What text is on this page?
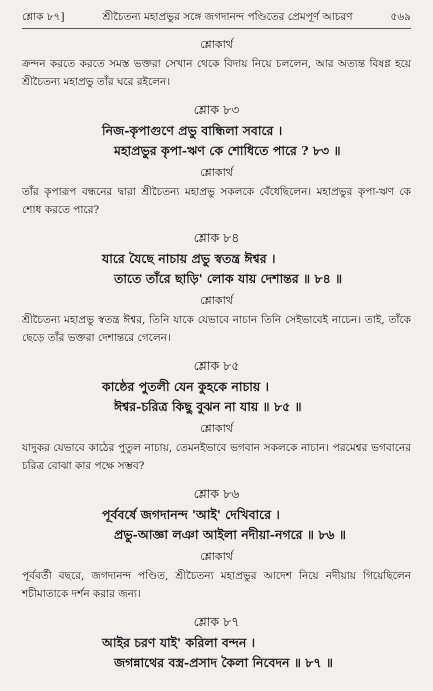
শ্লোক ৮৭]	শ্রীচৈতন্য মহাপ্রভুর সঙ্গে জগদানন্দ পণ্ডিতের প্রেমপূর্ণ আচরণ	৫৬৯
শ্লোকার্থ

ক্রন্দন করতে করতে সমস্ত ভক্তরা সেখান থেকে বিদায় নিয়ে চললেন, আর অত্যন্ত বিষণ্ণ হয়ে শ্রীচৈতন্য মহাপ্রভু তাঁর ঘরে রইলেন।

শ্লোক ৮৩
নিজ-কৃপাগুণে প্রভু বান্ধিলা সবারে ।
মহাপ্রভুর কৃপা-ঋণ কে শোধিতে পারে ? ৮৩ ॥
শ্লোকার্থ

তাঁর কৃপারূপ বন্ধনের দ্বারা শ্রীচৈতন্য মহাপ্রভু সকলকে বেঁধেছিলেন। মহাপ্রভুর কৃপা-ঋণ কে শোধ করতে পারে?

শ্লোক ৮৪
যারে যৈছে নাচায় প্রভু স্বতন্ত্র ঈশ্বর ।
তাতে তাঁরে ছাড়ি' লোক যায় দেশান্তর ॥ ৮৪ ॥
শ্লোকার্থ

শ্রীচৈতন্য মহাপ্রভু স্বতন্ত্র ঈশ্বর, তিনি যাকে যেভাবে নাচান তিনি সেইভাবেই নাচেন। তাই, তাঁকে ছেড়ে তাঁর ভক্তরা দেশান্তরে গেলেন।

শ্লোক ৮৫
কাষ্ঠের পুতলী যেন কুহকে নাচায় ।
ঈশ্বর-চরিত্র কিছু বুঝন না যায় ॥ ৮৫ ॥
শ্লোকার্থ

যাদুকর যেভাবে কাঠের পুতুল নাচায়, তেমনইভাবে ভগবান সকলকে নাচান। পরমেশ্বর ভগবানের চরিত্র বোঝা কার পক্ষে সম্ভব?

শ্লোক ৮৬
পূর্ববর্ষে জগদানন্দ 'আই' দেখিবারে ।
প্রভু-আজ্ঞা লঞা আইলা নদীয়া-নগরে ॥ ৮৬ ॥
শ্লোকার্থ

পূর্ববর্তী বছরে, জগদানন্দ পণ্ডিত, শ্রীচৈতন্য মহাপ্রভুর আদেশ নিয়ে নদীয়ায় গিয়েছিলেন শচীমাতাকে দর্শন করার জন্য।

শ্লোক ৮৭
আইর চরণ যাই' করিলা বন্দন ।
জগন্নাথের বস্ত্র-প্রসাদ কৈলা নিবেদন ॥ ৮৭ ॥
